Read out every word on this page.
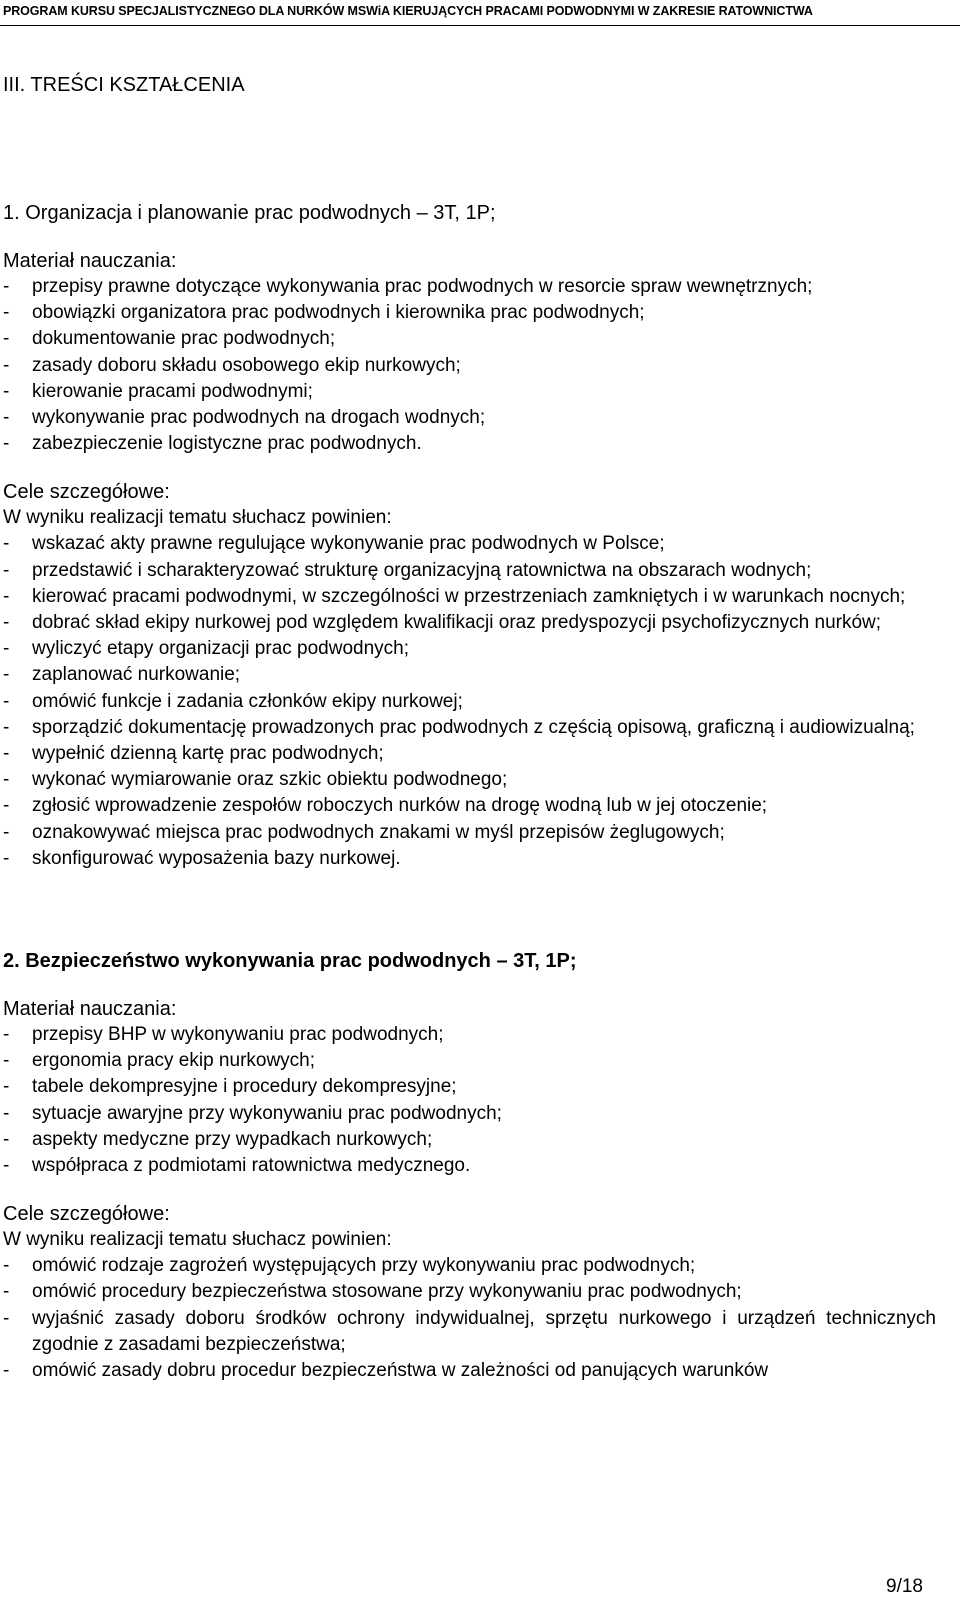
PROGRAM KURSU SPECJALISTYCZNEGO DLA NURKÓW MSWiA KIERUJĄCYCH PRACAMI PODWODNYMI W ZAKRESIE RATOWNICTWA
III. TREŚCI KSZTAŁCENIA
1. Organizacja i planowanie prac podwodnych – 3T, 1P;
Materiał nauczania:
- przepisy prawne dotyczące wykonywania prac podwodnych w resorcie spraw wewnętrznych;
- obowiązki organizatora prac podwodnych i kierownika prac podwodnych;
- dokumentowanie prac podwodnych;
- zasady doboru składu osobowego ekip nurkowych;
- kierowanie pracami podwodnymi;
- wykonywanie prac podwodnych na drogach wodnych;
- zabezpieczenie logistyczne prac podwodnych.
Cele szczegółowe:
W wyniku realizacji tematu słuchacz powinien:
- wskazać akty prawne regulujące wykonywanie prac podwodnych w Polsce;
- przedstawić i scharakteryzować strukturę organizacyjną ratownictwa na obszarach wodnych;
- kierować pracami podwodnymi, w szczególności w przestrzeniach zamkniętych i w warunkach nocnych;
- dobrać skład ekipy nurkowej pod względem kwalifikacji oraz predyspozycji psychofizycznych nurków;
- wyliczyć etapy organizacji prac podwodnych;
- zaplanować nurkowanie;
- omówić funkcje i zadania członków ekipy nurkowej;
- sporządzić dokumentację prowadzonych prac podwodnych z częścią opisową, graficzną i audiowizualną;
- wypełnić dzienną kartę prac podwodnych;
- wykonać wymiarowanie oraz szkic obiektu podwodnego;
- zgłosić wprowadzenie zespołów roboczych nurków na drogę wodną lub w jej otoczenie;
- oznakowywać miejsca prac podwodnych znakami w myśl przepisów żeglugowych;
- skonfigurować wyposażenia bazy nurkowej.
2. Bezpieczeństwo wykonywania prac podwodnych – 3T, 1P;
Materiał nauczania:
- przepisy BHP w wykonywaniu prac podwodnych;
- ergonomia pracy ekip nurkowych;
- tabele dekompresyjne i procedury dekompresyjne;
- sytuacje awaryjne przy wykonywaniu prac podwodnych;
- aspekty medyczne przy wypadkach nurkowych;
- współpraca z podmiotami ratownictwa medycznego.
Cele szczegółowe:
W wyniku realizacji tematu słuchacz powinien:
- omówić rodzaje zagrożeń występujących przy wykonywaniu prac podwodnych;
- omówić procedury bezpieczeństwa stosowane przy wykonywaniu prac podwodnych;
- wyjaśnić zasady doboru środków ochrony indywidualnej, sprzętu nurkowego i urządzeń technicznych zgodnie z zasadami bezpieczeństwa;
- omówić zasady dobru procedur bezpieczeństwa w zależności od panujących warunków
9/18
